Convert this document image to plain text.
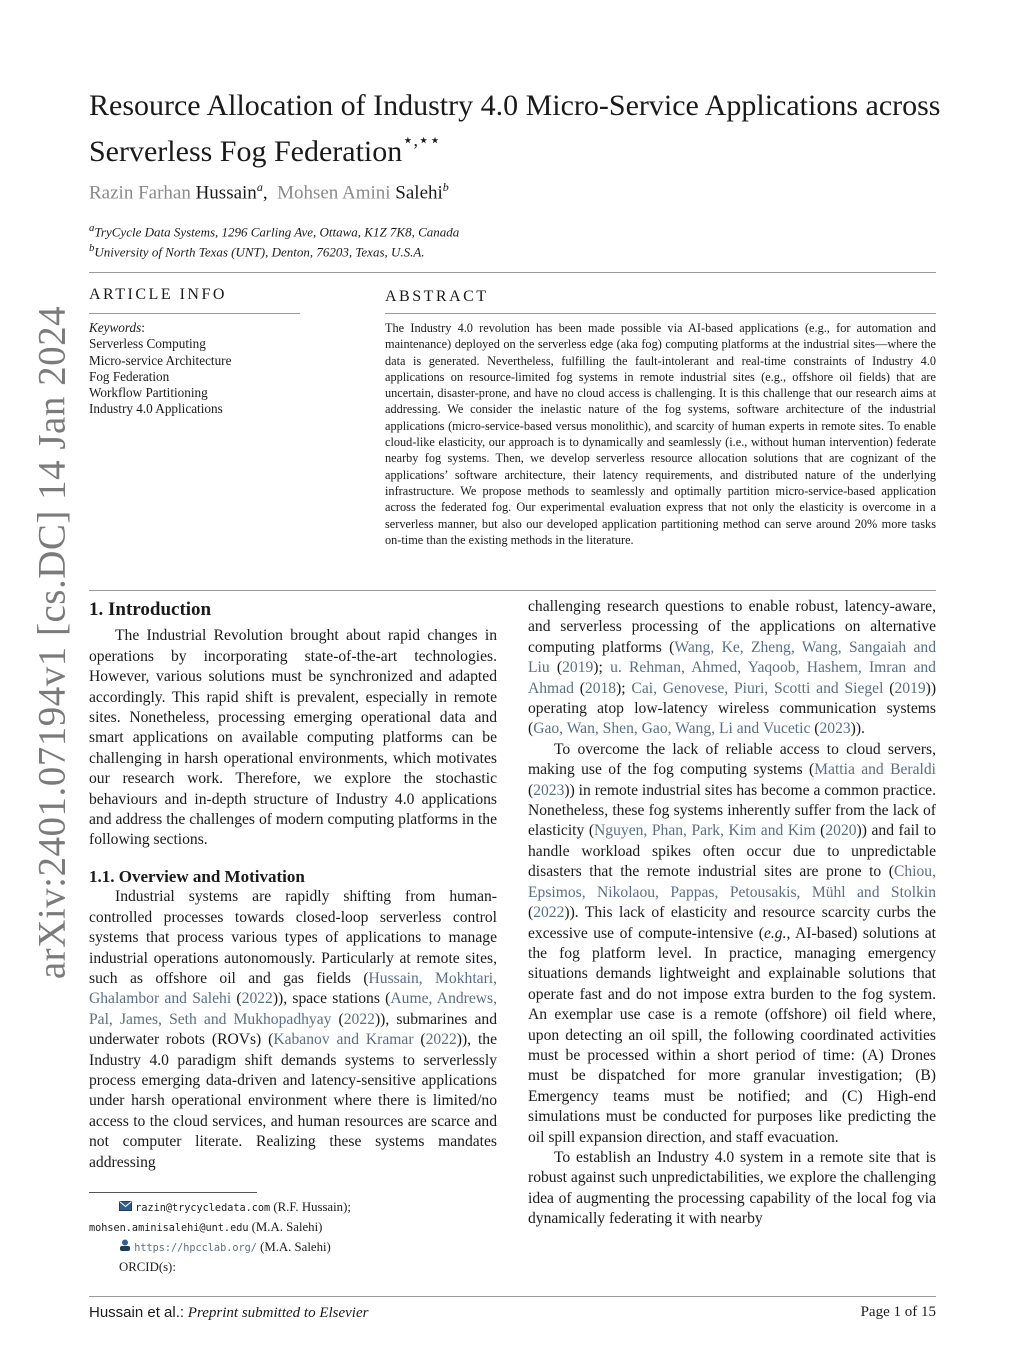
arXiv:2401.07194v1 [cs.DC] 14 Jan 2024
Resource Allocation of Industry 4.0 Micro-Service Applications across
Serverless Fog Federation⋆,⋆⋆
Razin Farhan Hussain$^a$, Mohsen Amini Salehi$^b$
$^a$TryCycle Data Systems, 1296 Carling Ave, Ottawa, K1Z 7K8, Canada
$^b$University of North Texas (UNT), Denton, 76203, Texas, U.S.A.
ARTICLE INFO
Keywords:
Serverless Computing
Micro-service Architecture
Fog Federation
Workflow Partitioning
Industry 4.0 Applications
ABSTRACT
The Industry 4.0 revolution has been made possible via AI-based applications (e.g., for automation and maintenance) deployed on the serverless edge (aka fog) computing platforms at the industrial sites—where the data is generated. Nevertheless, fulfilling the fault-intolerant and real-time constraints of Industry 4.0 applications on resource-limited fog systems in remote industrial sites (e.g., offshore oil fields) that are uncertain, disaster-prone, and have no cloud access is challenging. It is this challenge that our research aims at addressing. We consider the inelastic nature of the fog systems, software architecture of the industrial applications (micro-service-based versus monolithic), and scarcity of human experts in remote sites. To enable cloud-like elasticity, our approach is to dynamically and seamlessly (i.e., without human intervention) federate nearby fog systems. Then, we develop serverless resource allocation solutions that are cognizant of the applications’ software architecture, their latency requirements, and distributed nature of the underlying infrastructure. We propose methods to seamlessly and optimally partition micro-service-based application across the federated fog. Our experimental evaluation express that not only the elasticity is overcome in a serverless manner, but also our developed application partitioning method can serve around 20% more tasks on-time than the existing methods in the literature.
1. Introduction

The Industrial Revolution brought about rapid changes in operations by incorporating state-of-the-art technologies. However, various solutions must be synchronized and adapted accordingly. This rapid shift is prevalent, especially in remote sites. Nonetheless, processing emerging operational data and smart applications on available computing platforms can be challenging in harsh operational environments, which motivates our research work. Therefore, we explore the stochastic behaviours and in-depth structure of Industry 4.0 applications and address the challenges of modern computing platforms in the following sections.

1.1. Overview and Motivation

Industrial systems are rapidly shifting from human-controlled processes towards closed-loop serverless control systems that process various types of applications to manage industrial operations autonomously. Particularly at remote sites, such as offshore oil and gas fields (Hussain, Mokhtari, Ghalambor and Salehi (2022)), space stations (Aume, Andrews, Pal, James, Seth and Mukhopadhyay (2022)), submarines and underwater robots (ROVs) (Kabanov and Kramar (2022)), the Industry 4.0 paradigm shift demands systems to serverlessly process emerging data-driven and latency-sensitive applications under harsh operational environment where there is limited/no access to the cloud services, and human resources are scarce and not computer literate. Realizing these systems mandates addressing

challenging research questions to enable robust, latency-aware, and serverless processing of the applications on alternative computing platforms (Wang, Ke, Zheng, Wang, Sangaiah and Liu (2019); u. Rehman, Ahmed, Yaqoob, Hashem, Imran and Ahmad (2018); Cai, Genovese, Piuri, Scotti and Siegel (2019)) operating atop low-latency wireless communication systems (Gao, Wan, Shen, Gao, Wang, Li and Vucetic (2023)).

To overcome the lack of reliable access to cloud servers, making use of the fog computing systems (Mattia and Beraldi (2023)) in remote industrial sites has become a common practice. Nonetheless, these fog systems inherently suffer from the lack of elasticity (Nguyen, Phan, Park, Kim and Kim (2020)) and fail to handle workload spikes often occur due to unpredictable disasters that the remote industrial sites are prone to (Chiou, Epsimos, Nikolaou, Pappas, Petousakis, Mühl and Stolkin (2022)). This lack of elasticity and resource scarcity curbs the excessive use of compute-intensive (e.g., AI-based) solutions at the fog platform level. In practice, managing emergency situations demands lightweight and explainable solutions that operate fast and do not impose extra burden to the fog system. An exemplar use case is a remote (offshore) oil field where, upon detecting an oil spill, the following coordinated activities must be processed within a short period of time: (A) Drones must be dispatched for more granular investigation; (B) Emergency teams must be notified; and (C) High-end simulations must be conducted for purposes like predicting the oil spill expansion direction, and staff evacuation.

To establish an Industry 4.0 system in a remote site that is robust against such unpredictabilities, we explore the challenging idea of augmenting the processing capability of the local fog via dynamically federating it with nearby

razin@trycycledata.com (R.F. Hussain);
mohsen.aminisalehi@unt.edu (M.A. Salehi)
https://hpcclab.org/ (M.A. Salehi)
ORCID(s):
Hussain et al.: Preprint submitted to Elsevier	Page 1 of 15
